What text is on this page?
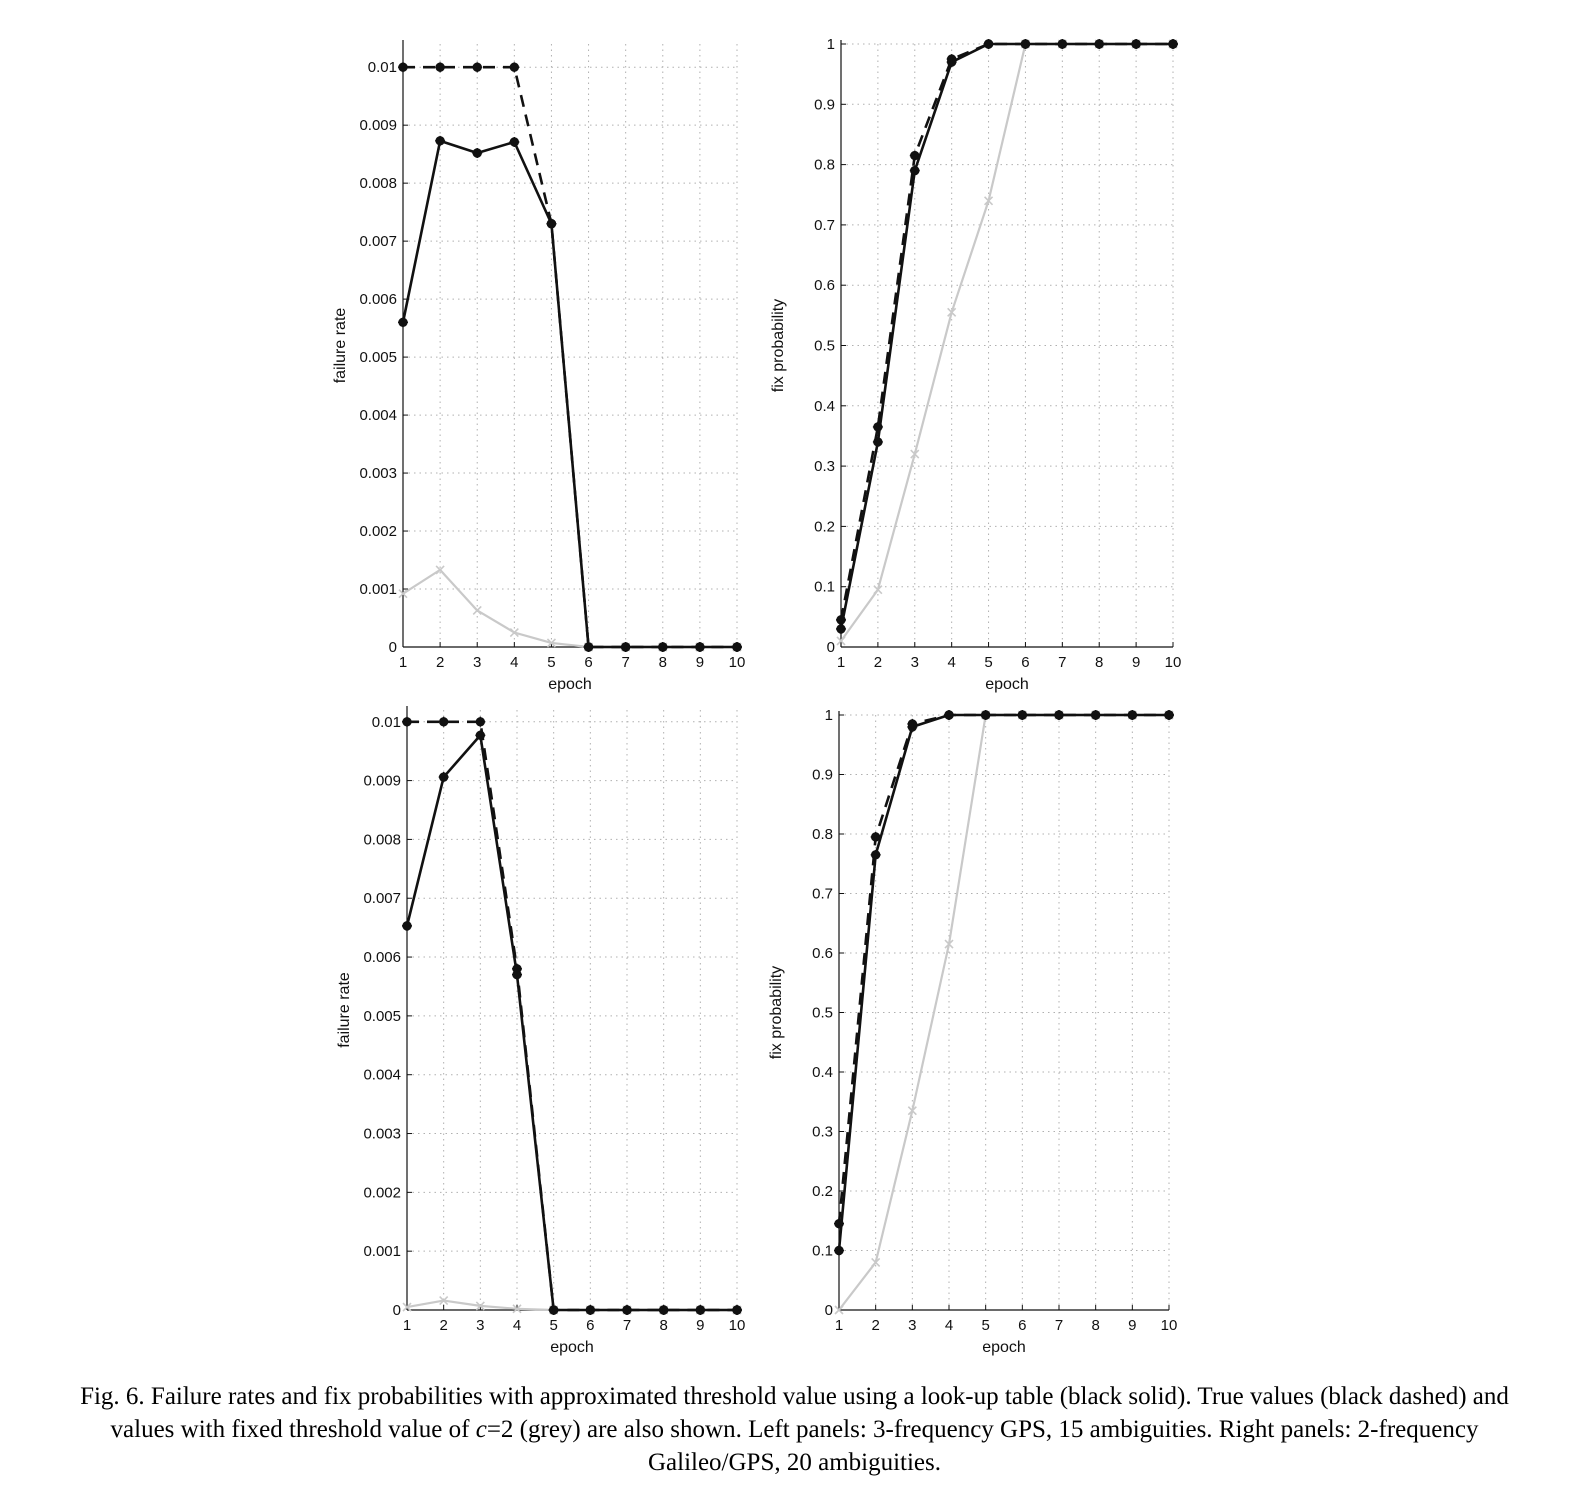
1 2 3 4 5 6 7 8 9 10
0
0.001
0.002
0.003
0.004
0.005
0.006
0.007
0.008
0.009
0.01
epoch
failure rate
1 2 3 4 5 6 7 8 9 10
0
0.1
0.2
0.3
0.4
0.5
0.6
0.7
0.8
0.9
1
epoch
fix probability
1 2 3 4 5 6 7 8 9 10
0
0.001
0.002
0.003
0.004
0.005
0.006
0.007
0.008
0.009
0.01
epoch
failure rate
1 2 3 4 5 6 7 8 9 10
0
0.1
0.2
0.3
0.4
0.5
0.6
0.7
0.8
0.9
1
epoch
fix probability
Fig. 6. Failure rates and fix probabilities with approximated threshold value using a look-up table (black solid). True values (black dashed) and values with fixed threshold value of c=2 (grey) are also shown. Left panels: 3-frequency GPS, 15 ambiguities. Right panels: 2-frequency Galileo/GPS, 20 ambiguities.
